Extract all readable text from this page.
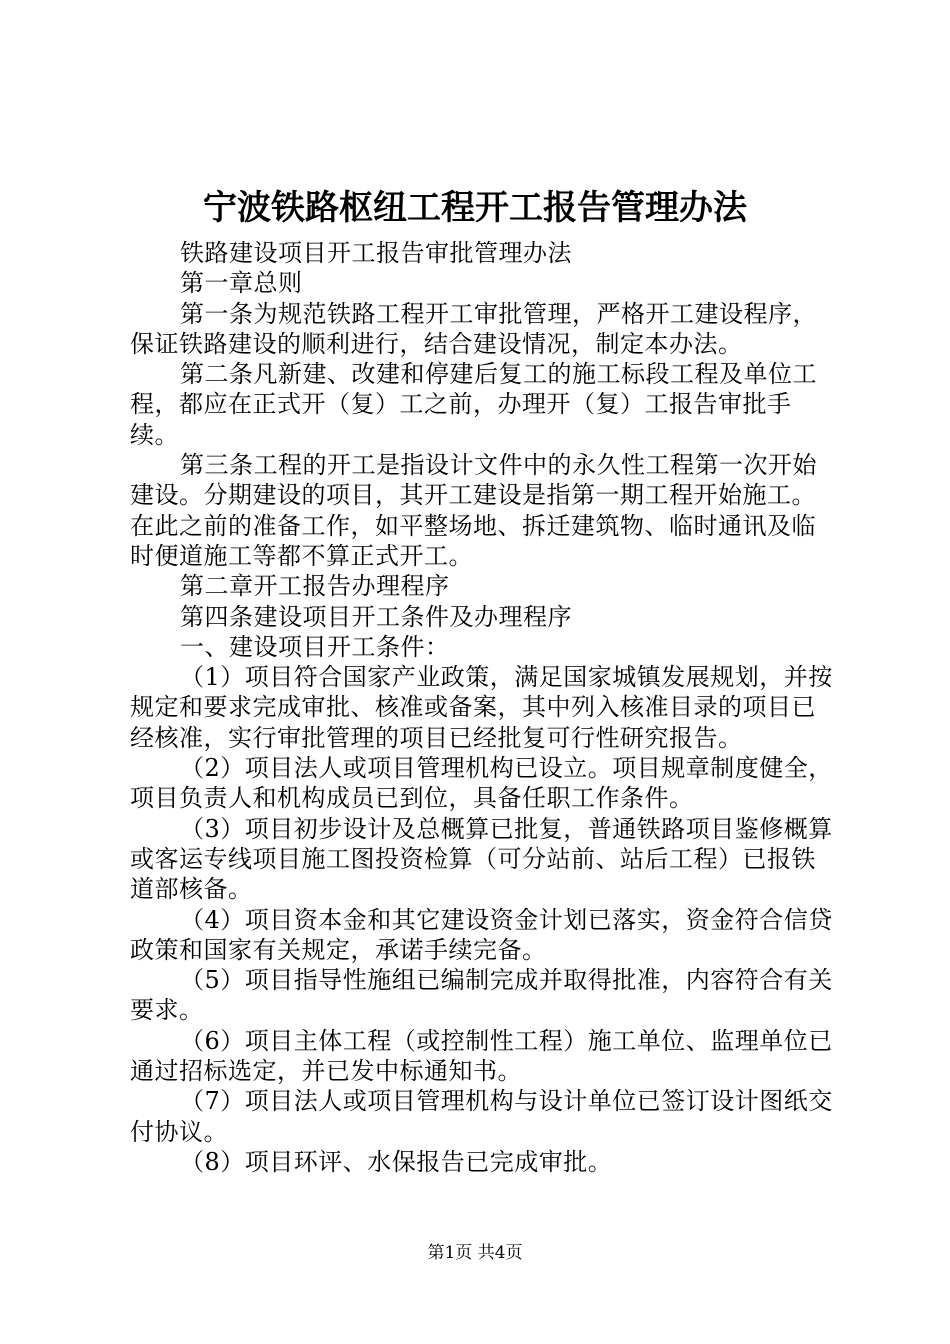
宁波铁路枢纽工程开工报告管理办法

铁路建设项目开工报告审批管理办法

第一章总则

第一条为规范铁路工程开工审批管理，严格开工建设程序，保证铁路建设的顺利进行，结合建设情况，制定本办法。

第二条凡新建、改建和停建后复工的施工标段工程及单位工程，都应在正式开（复）工之前，办理开（复）工报告审批手续。

第三条工程的开工是指设计文件中的永久性工程第一次开始建设。分期建设的项目，其开工建设是指第一期工程开始施工。在此之前的准备工作，如平整场地、拆迁建筑物、临时通讯及临时便道施工等都不算正式开工。

第二章开工报告办理程序

第四条建设项目开工条件及办理程序

一、建设项目开工条件：

（1）项目符合国家产业政策，满足国家城镇发展规划，并按规定和要求完成审批、核准或备案，其中列入核准目录的项目已经核准，实行审批管理的项目已经批复可行性研究报告。

（2）项目法人或项目管理机构已设立。项目规章制度健全，项目负责人和机构成员已到位，具备任职工作条件。

（3）项目初步设计及总概算已批复，普通铁路项目鉴修概算或客运专线项目施工图投资检算（可分站前、站后工程）已报铁道部核备。

（4）项目资本金和其它建设资金计划已落实，资金符合信贷政策和国家有关规定，承诺手续完备。

（5）项目指导性施组已编制完成并取得批准，内容符合有关要求。

（6）项目主体工程（或控制性工程）施工单位、监理单位已通过招标选定，并已发中标通知书。

（7）项目法人或项目管理机构与设计单位已签订设计图纸交付协议。

（8）项目环评、水保报告已完成审批。

第1页 共4页
